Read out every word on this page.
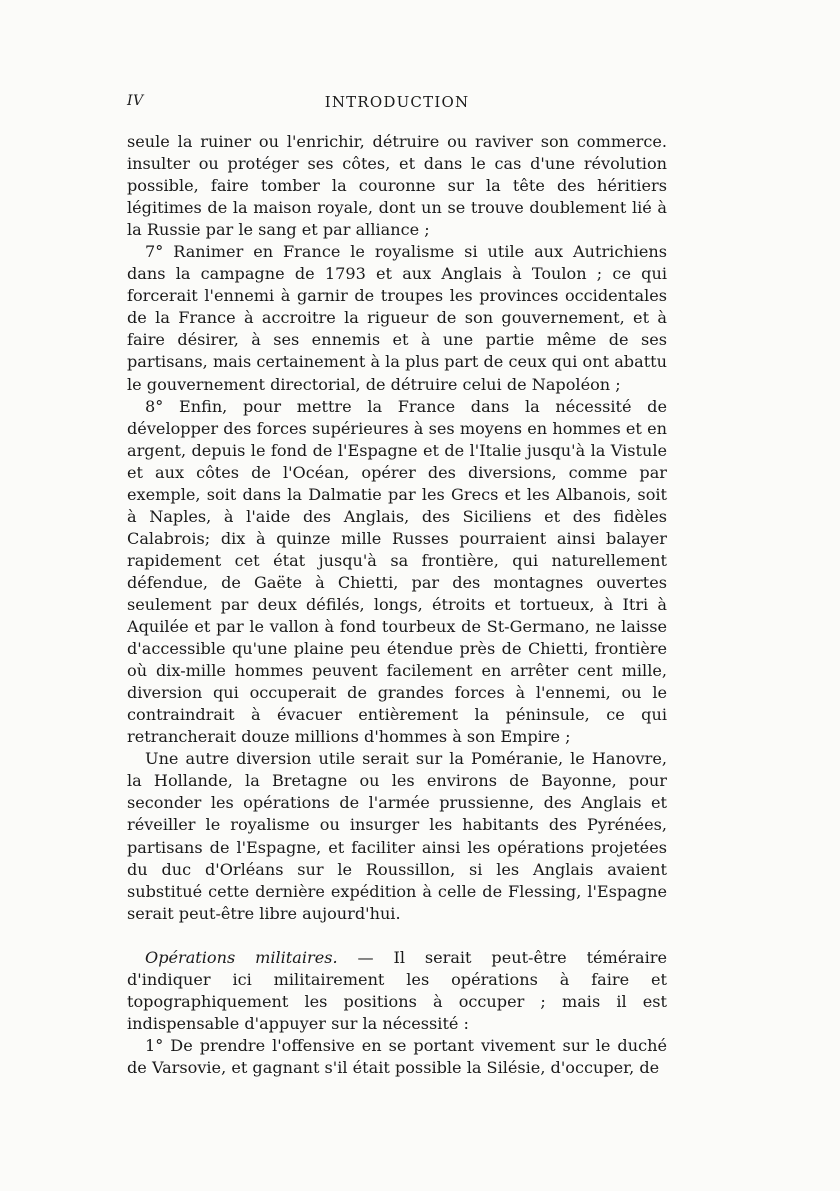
IV	INTRODUCTION

seule la ruiner ou l'enrichir, détruire ou raviver son commerce. insulter ou protéger ses côtes, et dans le cas d'une révolution possible, faire tomber la couronne sur la tête des héritiers légitimes de la maison royale, dont un se trouve doublement lié à la Russie par le sang et par alliance ;

7° Ranimer en France le royalisme si utile aux Autrichiens dans la campagne de 1793 et aux Anglais à Toulon ; ce qui forcerait l'ennemi à garnir de troupes les provinces occidentales de la France à accroitre la rigueur de son gouvernement, et à faire désirer, à ses ennemis et à une partie même de ses partisans, mais certainement à la plus part de ceux qui ont abattu le gouvernement directorial, de détruire celui de Napoléon ;

8° Enfin, pour mettre la France dans la nécessité de développer des forces supérieures à ses moyens en hommes et en argent, depuis le fond de l'Espagne et de l'Italie jusqu'à la Vistule et aux côtes de l'Océan, opérer des diversions, comme par exemple, soit dans la Dalmatie par les Grecs et les Albanois, soit à Naples, à l'aide des Anglais, des Siciliens et des fidèles Calabrois; dix à quinze mille Russes pourraient ainsi balayer rapidement cet état jusqu'à sa frontière, qui naturellement défendue, de Gaëte à Chietti, par des montagnes ouvertes seulement par deux défilés, longs, étroits et tortueux, à Itri à Aquilée et par le vallon à fond tourbeux de St-Germano, ne laisse d'accessible qu'une plaine peu étendue près de Chietti, frontière où dix-mille hommes peuvent facilement en arrêter cent mille, diversion qui occuperait de grandes forces à l'ennemi, ou le contraindrait à évacuer entièrement la péninsule, ce qui retrancherait douze millions d'hommes à son Empire ;

Une autre diversion utile serait sur la Poméranie, le Hanovre, la Hollande, la Bretagne ou les environs de Bayonne, pour seconder les opérations de l'armée prussienne, des Anglais et réveiller le royalisme ou insurger les habitants des Pyrénées, partisans de l'Espagne, et faciliter ainsi les opérations projetées du duc d'Orléans sur le Roussillon, si les Anglais avaient substitué cette dernière expédition à celle de Flessing, l'Espagne serait peut-être libre aujourd'hui.

Opérations militaires. — Il serait peut-être téméraire d'indiquer ici militairement les opérations à faire et topographiquement les positions à occuper ; mais il est indispensable d'appuyer sur la nécessité :

1° De prendre l'offensive en se portant vivement sur le duché de Varsovie, et gagnant s'il était possible la Silésie, d'occuper, de
